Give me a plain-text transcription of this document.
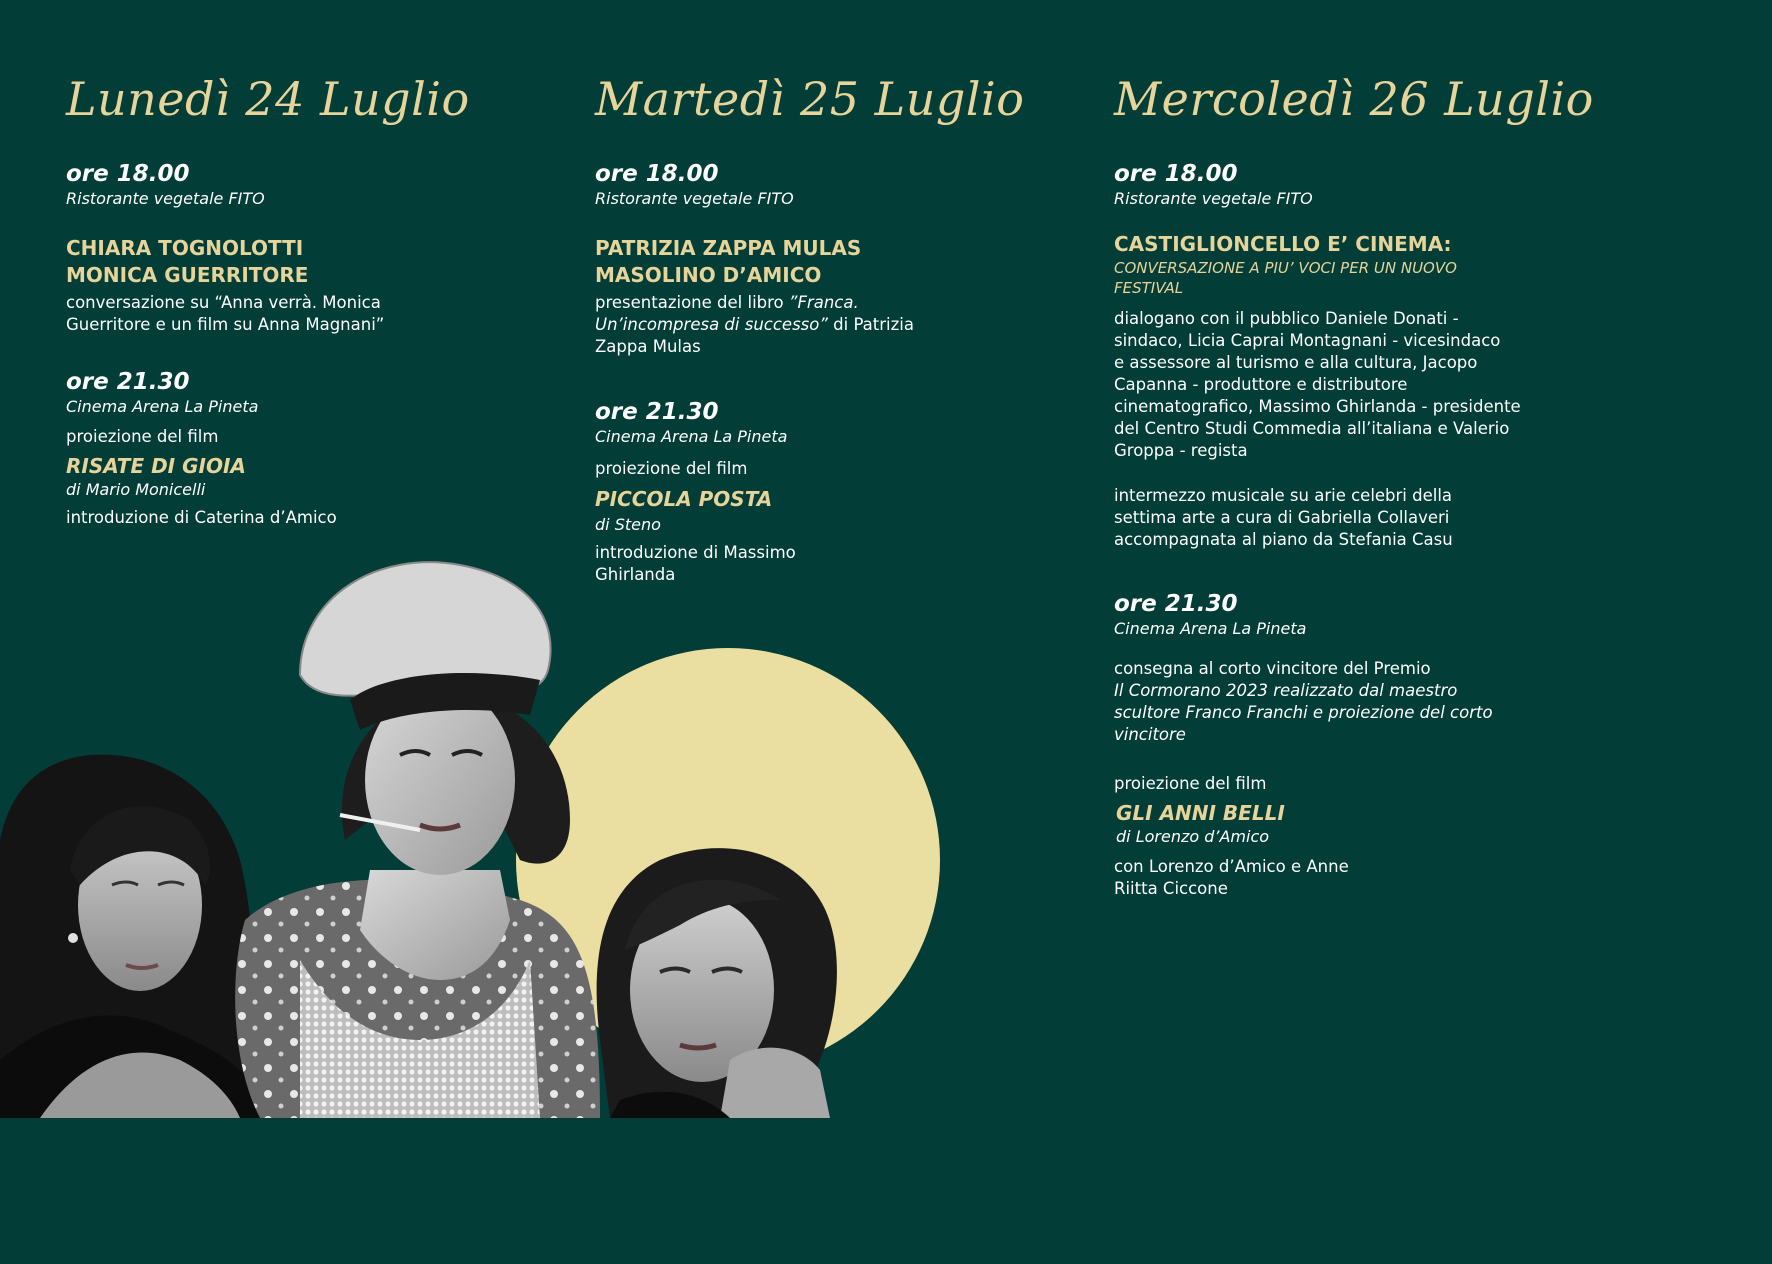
Lunedì 24 Luglio
ore 18.00
Ristorante vegetale FITO
CHIARA TOGNOLOTTI
MONICA GUERRITORE
conversazione su “Anna verrà. Monica
Guerritore e un film su Anna Magnani”
ore 21.30
Cinema Arena La Pineta
proiezione del film
RISATE DI GIOIA
di Mario Monicelli
introduzione di Caterina d’Amico
Martedì 25 Luglio
ore 18.00
Ristorante vegetale FITO
PATRIZIA ZAPPA MULAS
MASOLINO D’AMICO
presentazione del libro ”Franca.
Un’incompresa di successo” di Patrizia
Zappa Mulas
ore 21.30
Cinema Arena La Pineta
proiezione del film
PICCOLA POSTA
di Steno
introduzione di Massimo
Ghirlanda
Mercoledì 26 Luglio
ore 18.00
Ristorante vegetale FITO
CASTIGLIONCELLO E’ CINEMA:
CONVERSAZIONE A PIU’ VOCI PER UN NUOVO
FESTIVAL
dialogano con il pubblico Daniele Donati -
sindaco, Licia Caprai Montagnani - vicesindaco
e assessore al turismo e alla cultura, Jacopo
Capanna - produttore e distributore
cinematografico, Massimo Ghirlanda - presidente
del Centro Studi Commedia all’italiana e Valerio
Groppa - regista
intermezzo musicale su arie celebri della
settima arte a cura di Gabriella Collaveri
accompagnata al piano da Stefania Casu
ore 21.30
Cinema Arena La Pineta
consegna al corto vincitore del Premio
Il Cormorano 2023 realizzato dal maestro
scultore Franco Franchi e proiezione del corto
vincitore
proiezione del film
GLI ANNI BELLI
di Lorenzo d’Amico
con Lorenzo d’Amico e Anne
Riitta Ciccone
